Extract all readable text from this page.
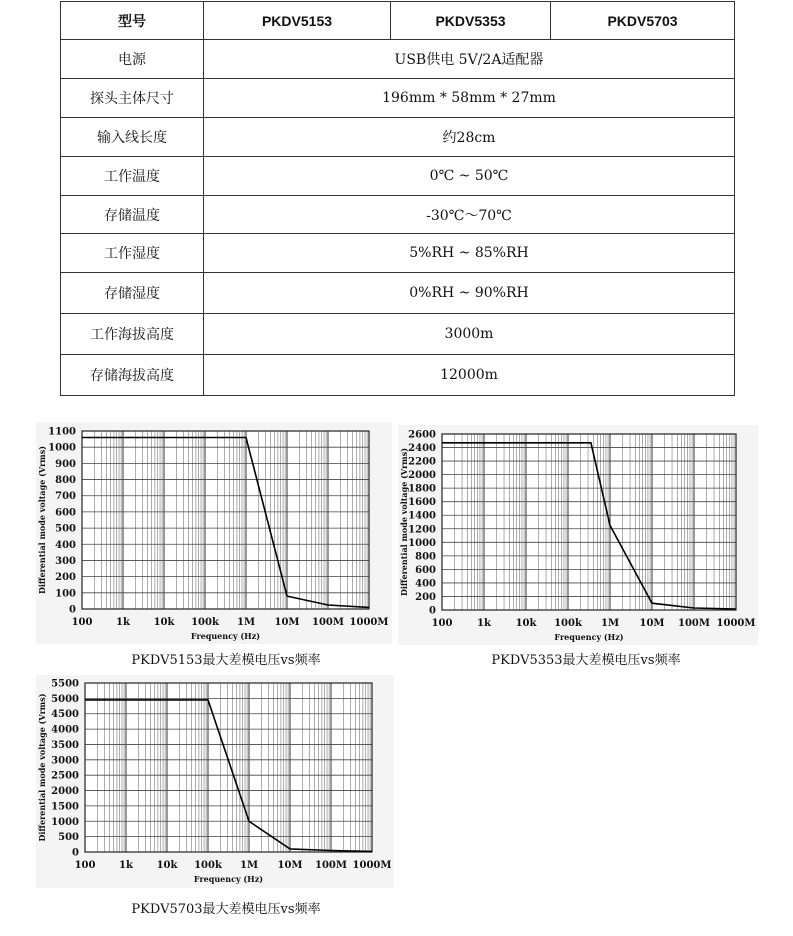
型号	PKDV5153	PKDV5353	PKDV5703
电源	USB供电 5V/2A适配器		
探头主体尺寸	196mm * 58mm * 27mm		
输入线长度	约28cm		
工作温度	0℃ ~ 50℃		
存储温度	-30℃～70℃		
工作湿度	5%RH ~ 85%RH		
存储湿度	0%RH ~ 90%RH		
工作海拔高度	3000m		
存储海拔高度	12000m		
0
100
200
300
400
500
600
700
800
900
1000
1100
100 1k 10k 100k 1M 10M 100M 1000M
Frequency (Hz)
Differential mode voltage (Vrms)
PKDV5153最大差模电压vs频率
0
200
400
600
800
1000
1200
1400
1600
1800
2000
2200
2400
2600
100 1k 10k 100k 1M 10M 100M 1000M
Frequency (Hz)
Differential mode voltage (Vrms)
PKDV5353最大差模电压vs频率
0
500
1000
1500
2000
2500
3000
3500
4000
4500
5000
5500
100 1k 10k 100k 1M 10M 100M 1000M
Frequency (Hz)
Differential mode voltage (Vrms)
PKDV5703最大差模电压vs频率
